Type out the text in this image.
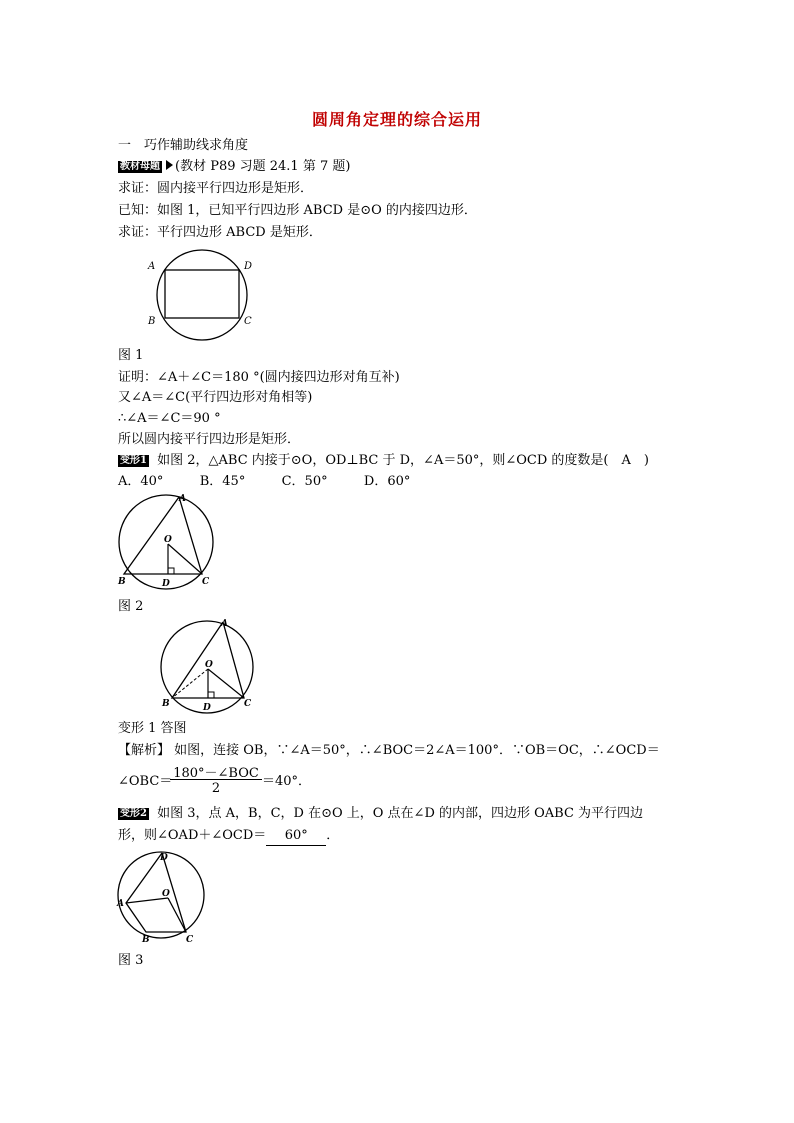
圆周角定理的综合运用
一　巧作辅助线求角度
教材母题 (教材 P89 习题 24.1 第 7 题)
求证：圆内接平行四边形是矩形．
已知：如图 1，已知平行四边形 ABCD 是⊙O 的内接四边形．
求证：平行四边形 ABCD 是矩形．
A
B	C
D
图 1
证明：∠A＋∠C＝180 °(圆内接四边形对角互补)
又∠A＝∠C(平行四边形对角相等)
∴∠A＝∠C＝90 °
所以圆内接平行四边形是矩形．
变形1 如图 2，△ABC 内接于⊙O，OD⊥BC 于 D，∠A＝50°，则∠OCD 的度数是(　A　)
A．40°	B．45°	C．50°	D．60°
A
O
B	D	C
图 2
A
O
B	D	C
变形 1 答图
【解析】 如图，连接 OB，∵∠A＝50°，∴∠BOC＝2∠A＝100°．∵OB＝OC，∴∠OCD＝
∠OBC＝
180°－∠BOC
2	＝40°．
变形2 如图 3，点 A，B，C，D 在⊙O 上，O 点在∠D 的内部，四边形 OABC 为平行四边
形，则∠OAD＋∠OCD＝ 60° ．
D
O
A
B	C
图 3
